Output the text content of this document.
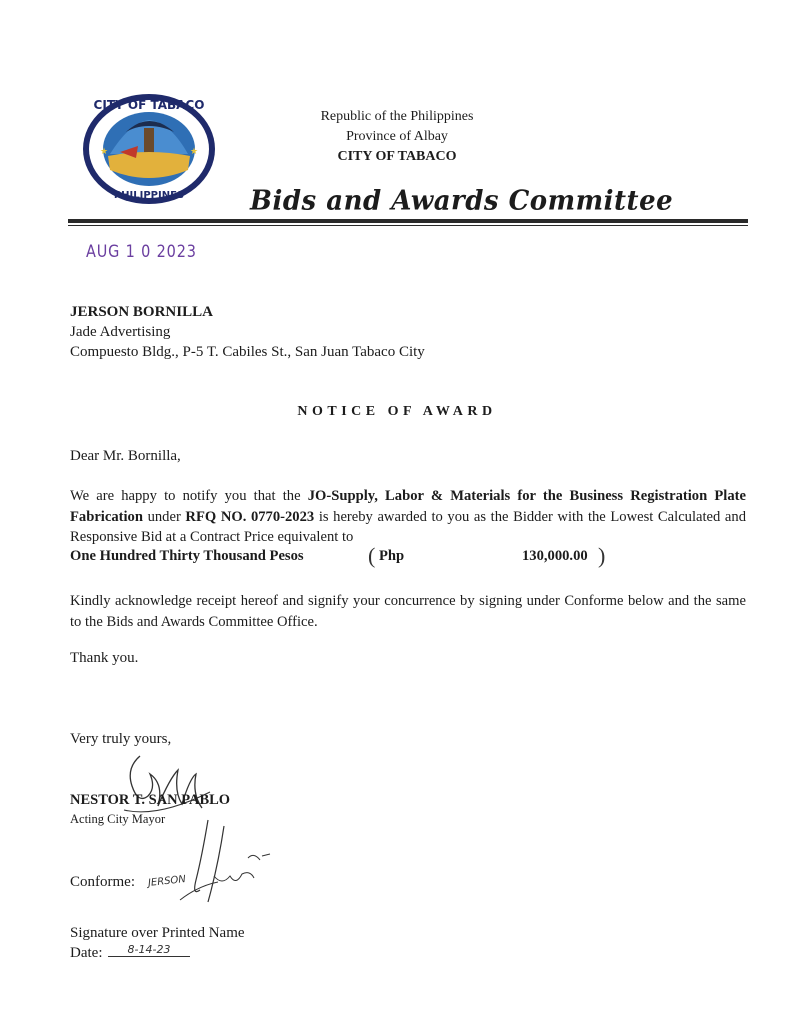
★	★
CITY OF TABACO
PHILIPPINES
Republic of the Philippines
Province of Albay
CITY OF TABACO
Bids and Awards Committee
AUG 1 0 2023
JERSON BORNILLA
Jade Advertising
Compuesto Bldg., P-5 T. Cabiles St., San Juan Tabaco City
NOTICE OF AWARD
Dear Mr. Bornilla,
We are happy to notify you that the JO-Supply, Labor & Materials for the Business Registration Plate Fabrication under RFQ NO. 0770-2023 is hereby awarded to you as the Bidder with the Lowest Calculated and Responsive Bid at a Contract Price equivalent to
One Hundred Thirty Thousand Pesos	( Php	130,000.00 )
Kindly acknowledge receipt hereof and signify your concurrence by signing under Conforme below and the same to the Bids and Awards Committee Office.
Thank you.
Very truly yours,
NESTOR T. SAN PABLO
Acting City Mayor
Conforme: JERSON
Signature over Printed Name
Date:	8-14-23
